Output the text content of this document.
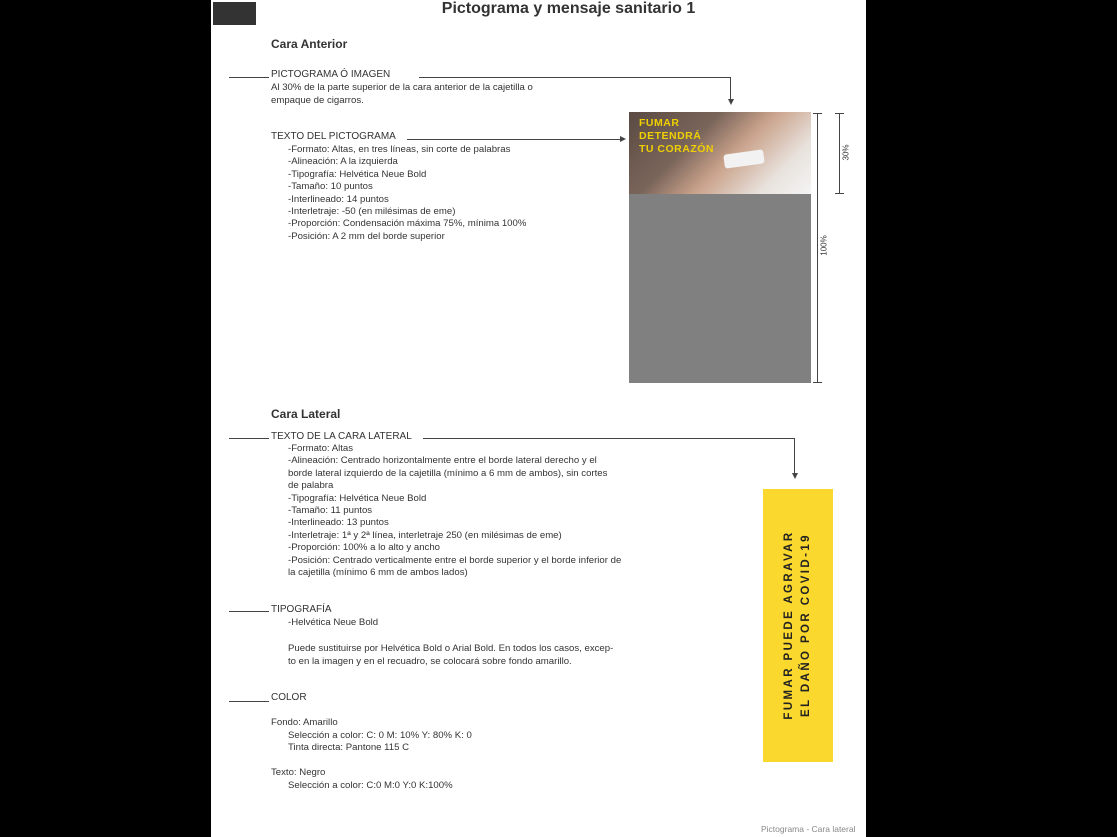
Pictograma y mensaje sanitario 1
Cara Anterior
PICTOGRAMA Ó IMAGEN
Al 30% de la parte superior de la cara anterior de la cajetilla o
empaque de cigarros.
TEXTO DEL PICTOGRAMA
-Formato: Altas, en tres líneas, sin corte de palabras
-Alineación: A la izquierda
-Tipografía: Helvética Neue Bold
-Tamaño: 10 puntos
-Interlineado: 14 puntos
-Interletraje: -50 (en milésimas de eme)
-Proporción: Condensación máxima 75%, mínima 100%
-Posición: A 2 mm del borde superior
FUMAR
DETENDRÁ
TU CORAZÓN	30%
100%
Cara Lateral
TEXTO DE LA CARA LATERAL
-Formato: Altas
-Alineación: Centrado horizontalmente entre el borde lateral derecho y el
borde lateral izquierdo de la cajetilla (mínimo a 6 mm de ambos), sin cortes
de palabra
-Tipografía: Helvética Neue Bold
-Tamaño: 11 puntos
-Interlineado: 13 puntos
-Interletraje: 1ª y 2ª línea, interletraje 250 (en milésimas de eme)
-Proporción: 100% a lo alto y ancho
-Posición: Centrado verticalmente entre el borde superior y el borde inferior de
la cajetilla (mínimo 6 mm de ambos lados)
TIPOGRAFÍA
-Helvética Neue Bold
Puede sustituirse por Helvética Bold o Arial Bold. En todos los casos, excep-
to en la imagen y en el recuadro, se colocará sobre fondo amarillo.
COLOR
Fondo: Amarillo
Selección a color: C: 0 M: 10% Y: 80% K: 0
Tinta directa: Pantone 115 C
Texto: Negro
Selección a color: C:0 M:0 Y:0 K:100%
FUMAR PUEDE AGRAVAR EL DAÑO POR COVID-19
Pictograma - Cara lateral
